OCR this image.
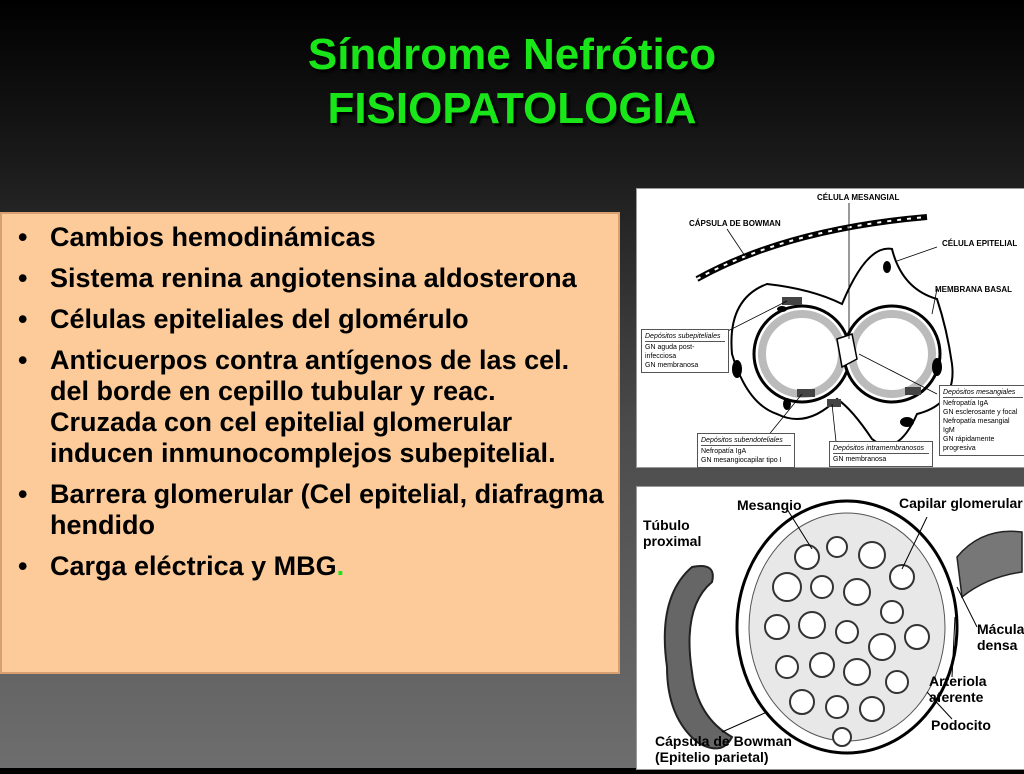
Síndrome Nefrótico
FISIOPATOLOGIA
• Cambios hemodinámicas
• Sistema renina angiotensina aldosterona
• Células epiteliales del glomérulo
• Anticuerpos contra antígenos de las cel. del borde en cepillo tubular y reac. Cruzada con cel epitelial glomerular inducen inmunocomplejos subepitelial.
• Barrera glomerular (Cel epitelial, diafragma hendido
• Carga eléctrica y MBG.
CÉLULA MESANGIAL
CÁPSULA DE BOWMAN
CÉLULA EPITELIAL
MEMBRANA BASAL
Depósitos subepiteliales
GN aguda post-infecciosa
GN membranosa
Depósitos mesangiales
Nefropatía IgA
GN esclerosante y focal
Nefropatía mesangial IgM
GN rápidamente progresiva
Depósitos subendoteliales
Nefropatía IgA
GN mesangiocapilar tipo I
Depósitos intramembranosos
GN membranosa
Túbulo proximal
Mesangio	Capilar glomerular
Mácula densa
Arteriola aferente
Podocito
Cápsula de Bowman (Epitelio parietal)
